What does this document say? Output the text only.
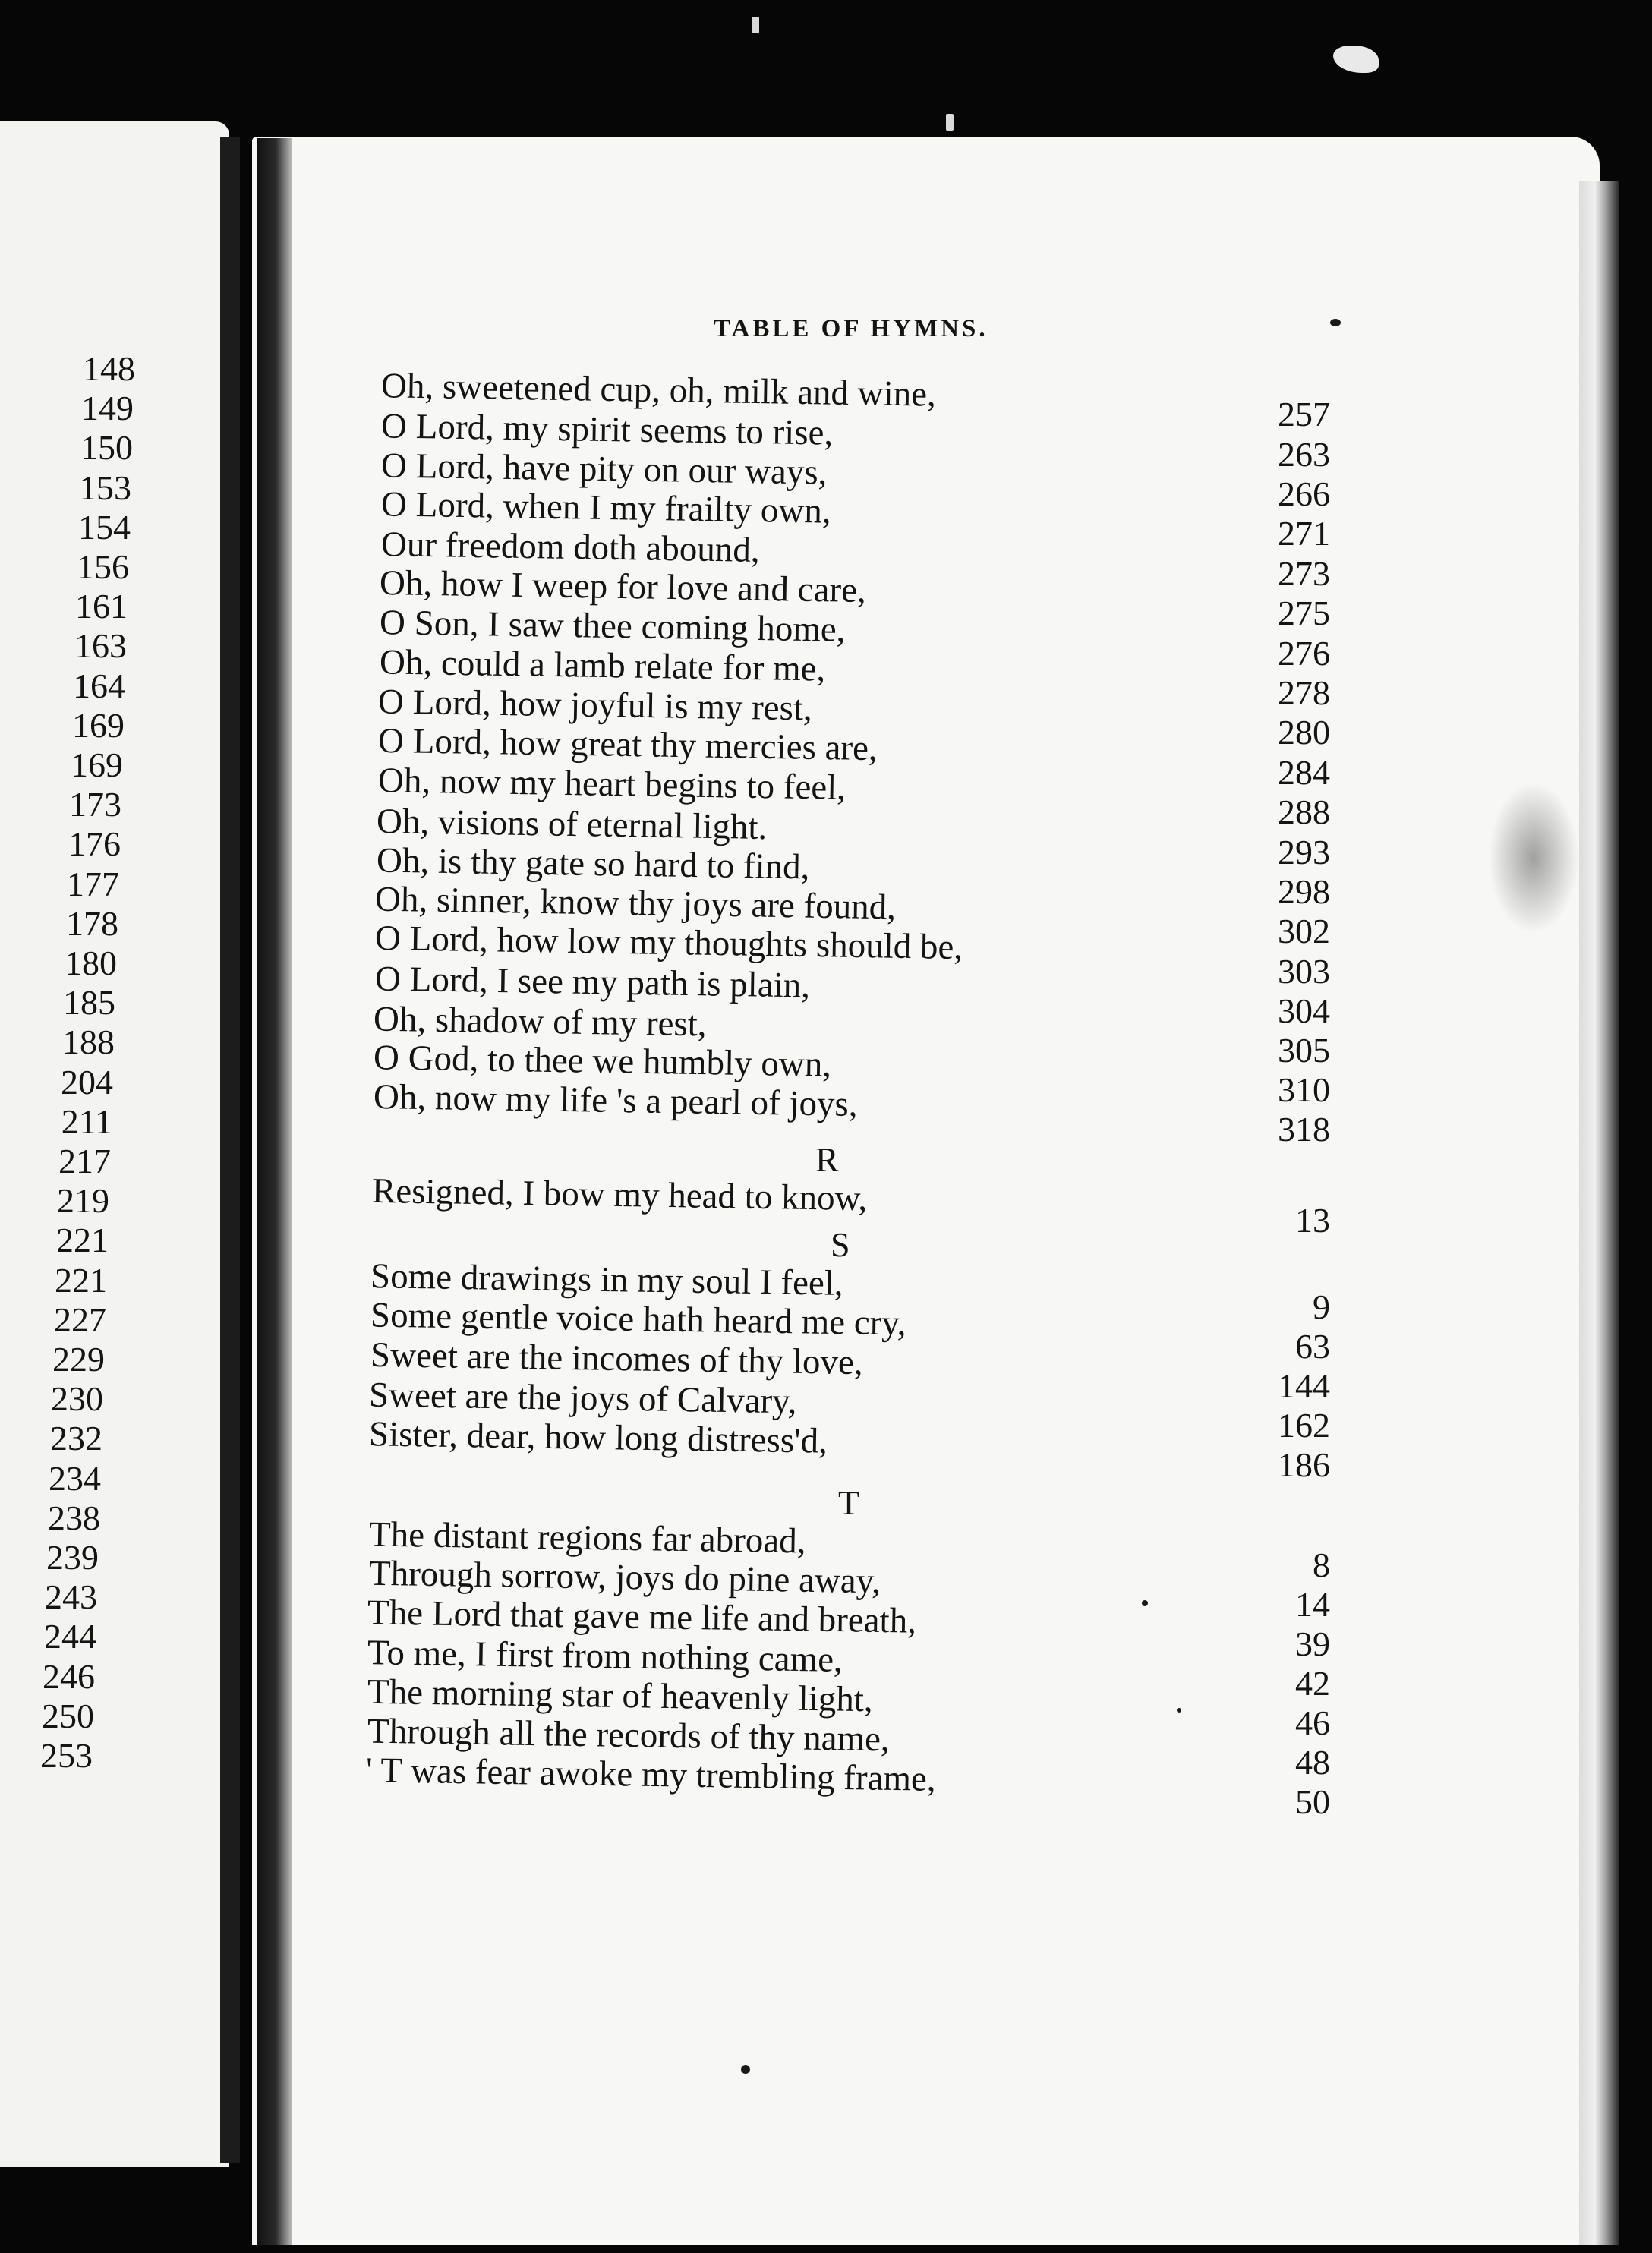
148
149
150
153
154
156
161
163
164
169
169
173
176
177
178
180
185
188
204
211
217
219
221
221
227
229
230
232
234
238
239
243
244
246
250
253
TABLE OF HYMNS.
Oh, sweetened cup, oh, milk and wine,	257
O Lord, my spirit seems to rise,
263
O Lord, have pity on our ways,
266
O Lord, when I my frailty own,
271
Our freedom doth abound,
273
Oh, how I weep for love and care,
275
O Son, I saw thee coming home,
276
Oh, could a lamb relate for me,
278
O Lord, how joyful is my rest,
280
O Lord, how great thy mercies are,
284
Oh, now my heart begins to feel,
288
Oh, visions of eternal light.
293
Oh, is thy gate so hard to find,
298
Oh, sinner, know thy joys are found,
302
O Lord, how low my thoughts should be,
303
O Lord, I see my path is plain,
304
Oh, shadow of my rest,
305
O God, to thee we humbly own,
310
Oh, now my life 's a pearl of joys,
318
R
Resigned, I bow my head to know,
13
S
Some drawings in my soul I feel,
9
Some gentle voice hath heard me cry,
63
Sweet are the incomes of thy love,
144
Sweet are the joys of Calvary,
162
Sister, dear, how long distress'd,
186
T
The distant regions far abroad,
8
Through sorrow, joys do pine away,
14
The Lord that gave me life and breath,
39
To me, I first from nothing came,
42
The morning star of heavenly light,
46
Through all the records of thy name,
48
' T was fear awoke my trembling frame,
50
